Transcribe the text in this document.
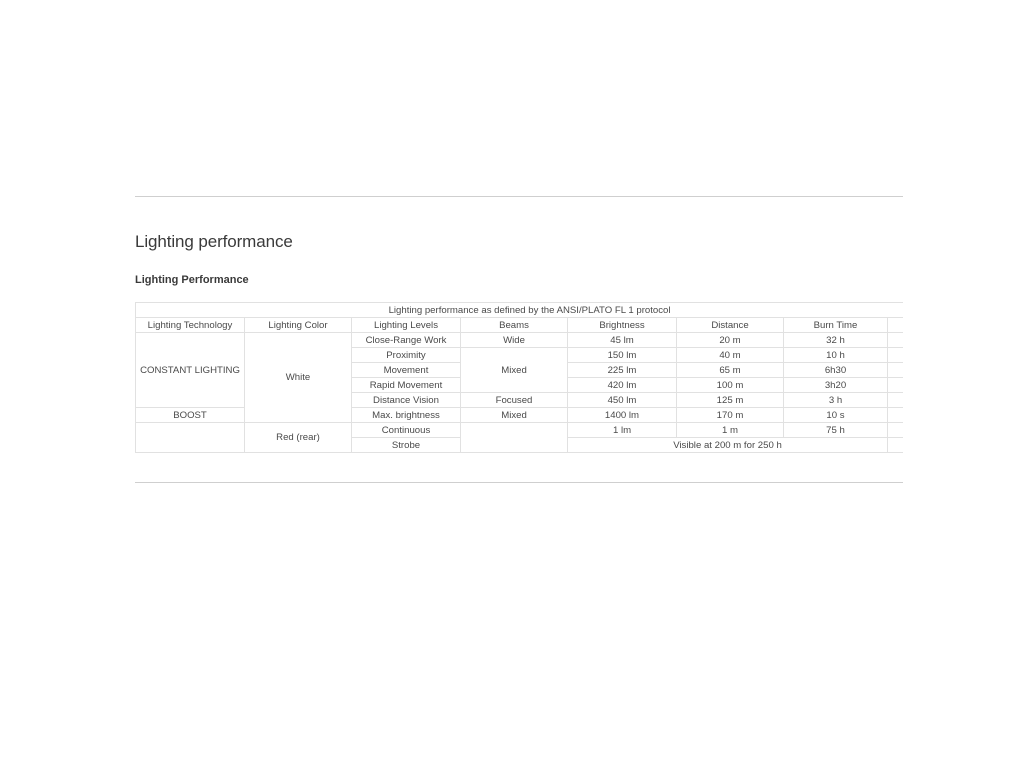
Lighting performance
Lighting Performance
Lighting performance as defined by the ANSI/PLATO FL 1 protocol							
Lighting Technology	Lighting Color	Lighting Levels	Beams	Brightness	Distance	Burn Time	
CONSTANT LIGHTING	White	Close-Range Work	Wide	45 lm	20 m	32 h	
		Proximity	Mixed	150 lm	40 m	10 h	
		Movement		225 lm	65 m	6h30	
		Rapid Movement		420 lm	100 m	3h20	
		Distance Vision	Focused	450 lm	125 m	3 h	
BOOST		Max. brightness	Mixed	1400 lm	170 m	10 s	
	Red (rear)	Continuous		1 lm	1 m	75 h	
		Strobe		Visible at 200 m for 250 h			
